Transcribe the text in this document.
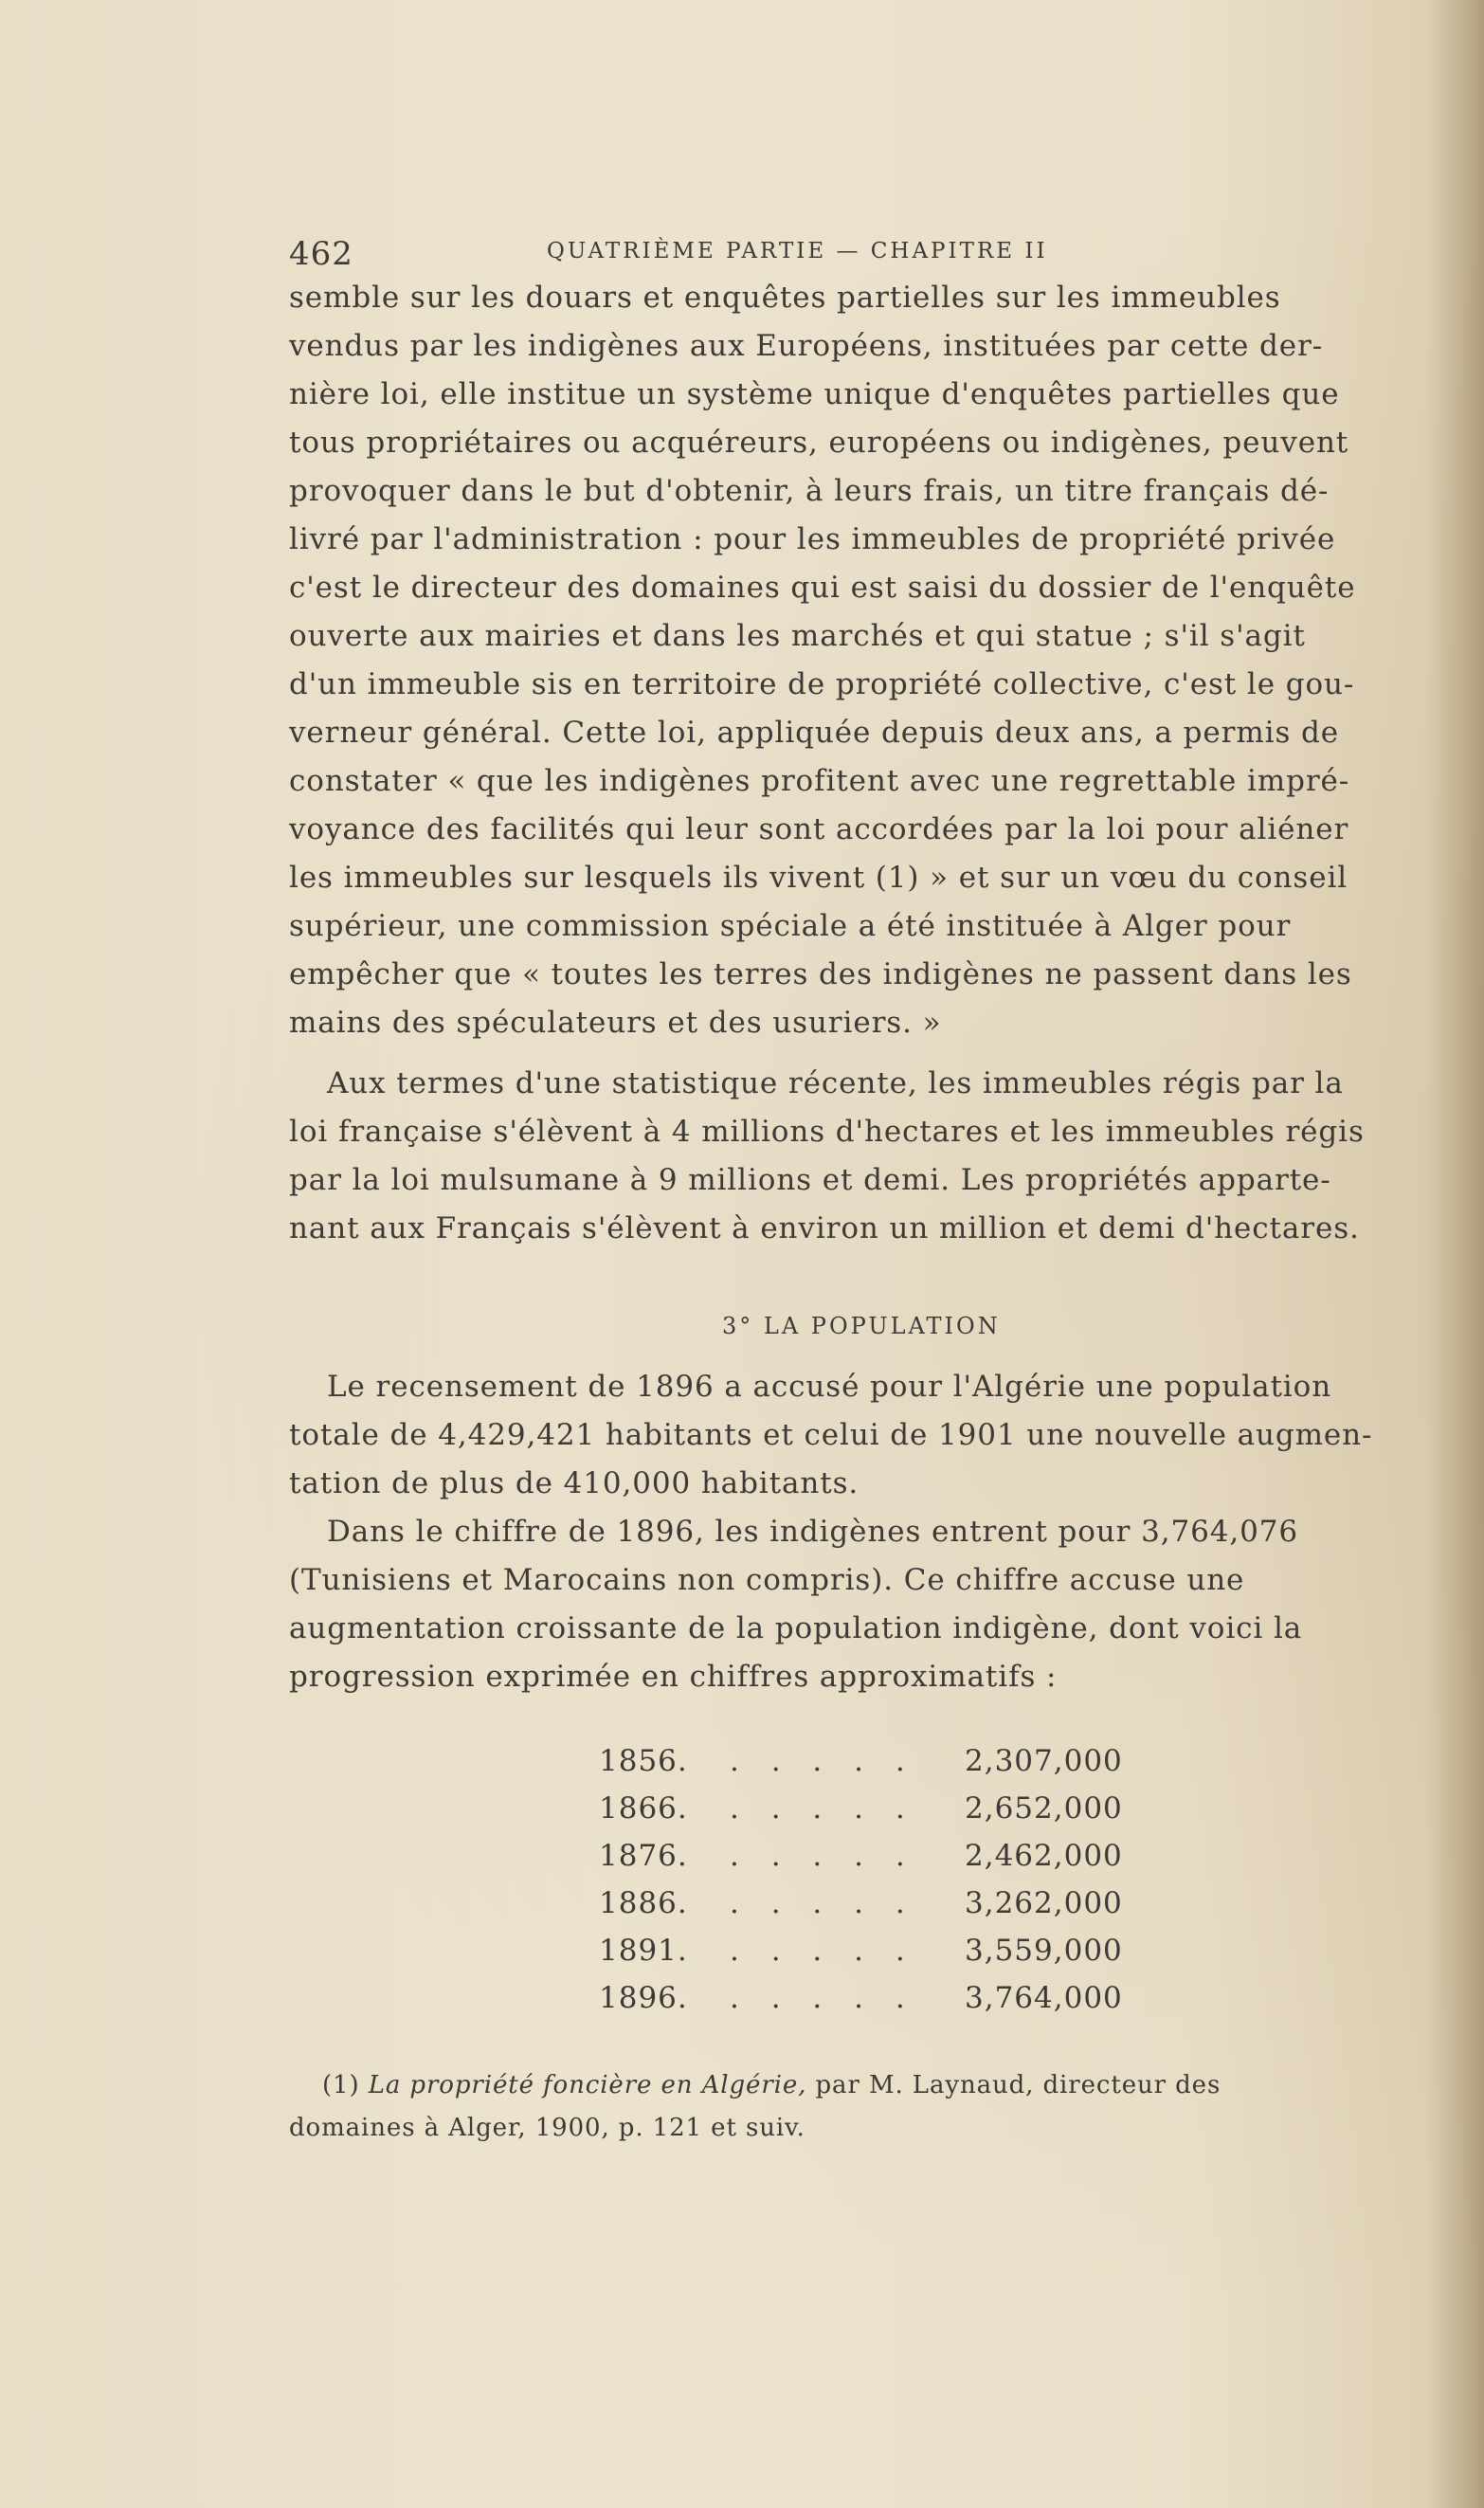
462	QUATRIÈME PARTIE — CHAPITRE II
semble sur les douars et enquêtes partielles sur les immeubles
vendus par les indigènes aux Européens, instituées par cette der-
nière loi, elle institue un système unique d'enquêtes partielles que
tous propriétaires ou acquéreurs, européens ou indigènes, peuvent
provoquer dans le but d'obtenir, à leurs frais, un titre français dé-
livré par l'administration : pour les immeubles de propriété privée
c'est le directeur des domaines qui est saisi du dossier de l'enquête
ouverte aux mairies et dans les marchés et qui statue ; s'il s'agit
d'un immeuble sis en territoire de propriété collective, c'est le gou-
verneur général. Cette loi, appliquée depuis deux ans, a permis de
constater « que les indigènes profitent avec une regrettable impré-
voyance des facilités qui leur sont accordées par la loi pour aliéner
les immeubles sur lesquels ils vivent (1) » et sur un vœu du conseil
supérieur, une commission spéciale a été instituée à Alger pour
empêcher que « toutes les terres des indigènes ne passent dans les
mains des spéculateurs et des usuriers. »
Aux termes d'une statistique récente, les immeubles régis par la
loi française s'élèvent à 4 millions d'hectares et les immeubles régis
par la loi mulsumane à 9 millions et demi. Les propriétés apparte-
nant aux Français s'élèvent à environ un million et demi d'hectares.
3° LA POPULATION
Le recensement de 1896 a accusé pour l'Algérie une population
totale de 4,429,421 habitants et celui de 1901 une nouvelle augmen-
tation de plus de 410,000 habitants.
Dans le chiffre de 1896, les indigènes entrent pour 3,764,076
(Tunisiens et Marocains non compris). Ce chiffre accuse une
augmentation croissante de la population indigène, dont voici la
progression exprimée en chiffres approximatifs :
1856. . . . . . 2,307,000
1866. . . . . . 2,652,000
1876. . . . . . 2,462,000
1886. . . . . . 3,262,000
1891. . . . . . 3,559,000
1896. . . . . . 3,764,000
(1) La propriété foncière en Algérie, par M. Laynaud, directeur des
domaines à Alger, 1900, p. 121 et suiv.
